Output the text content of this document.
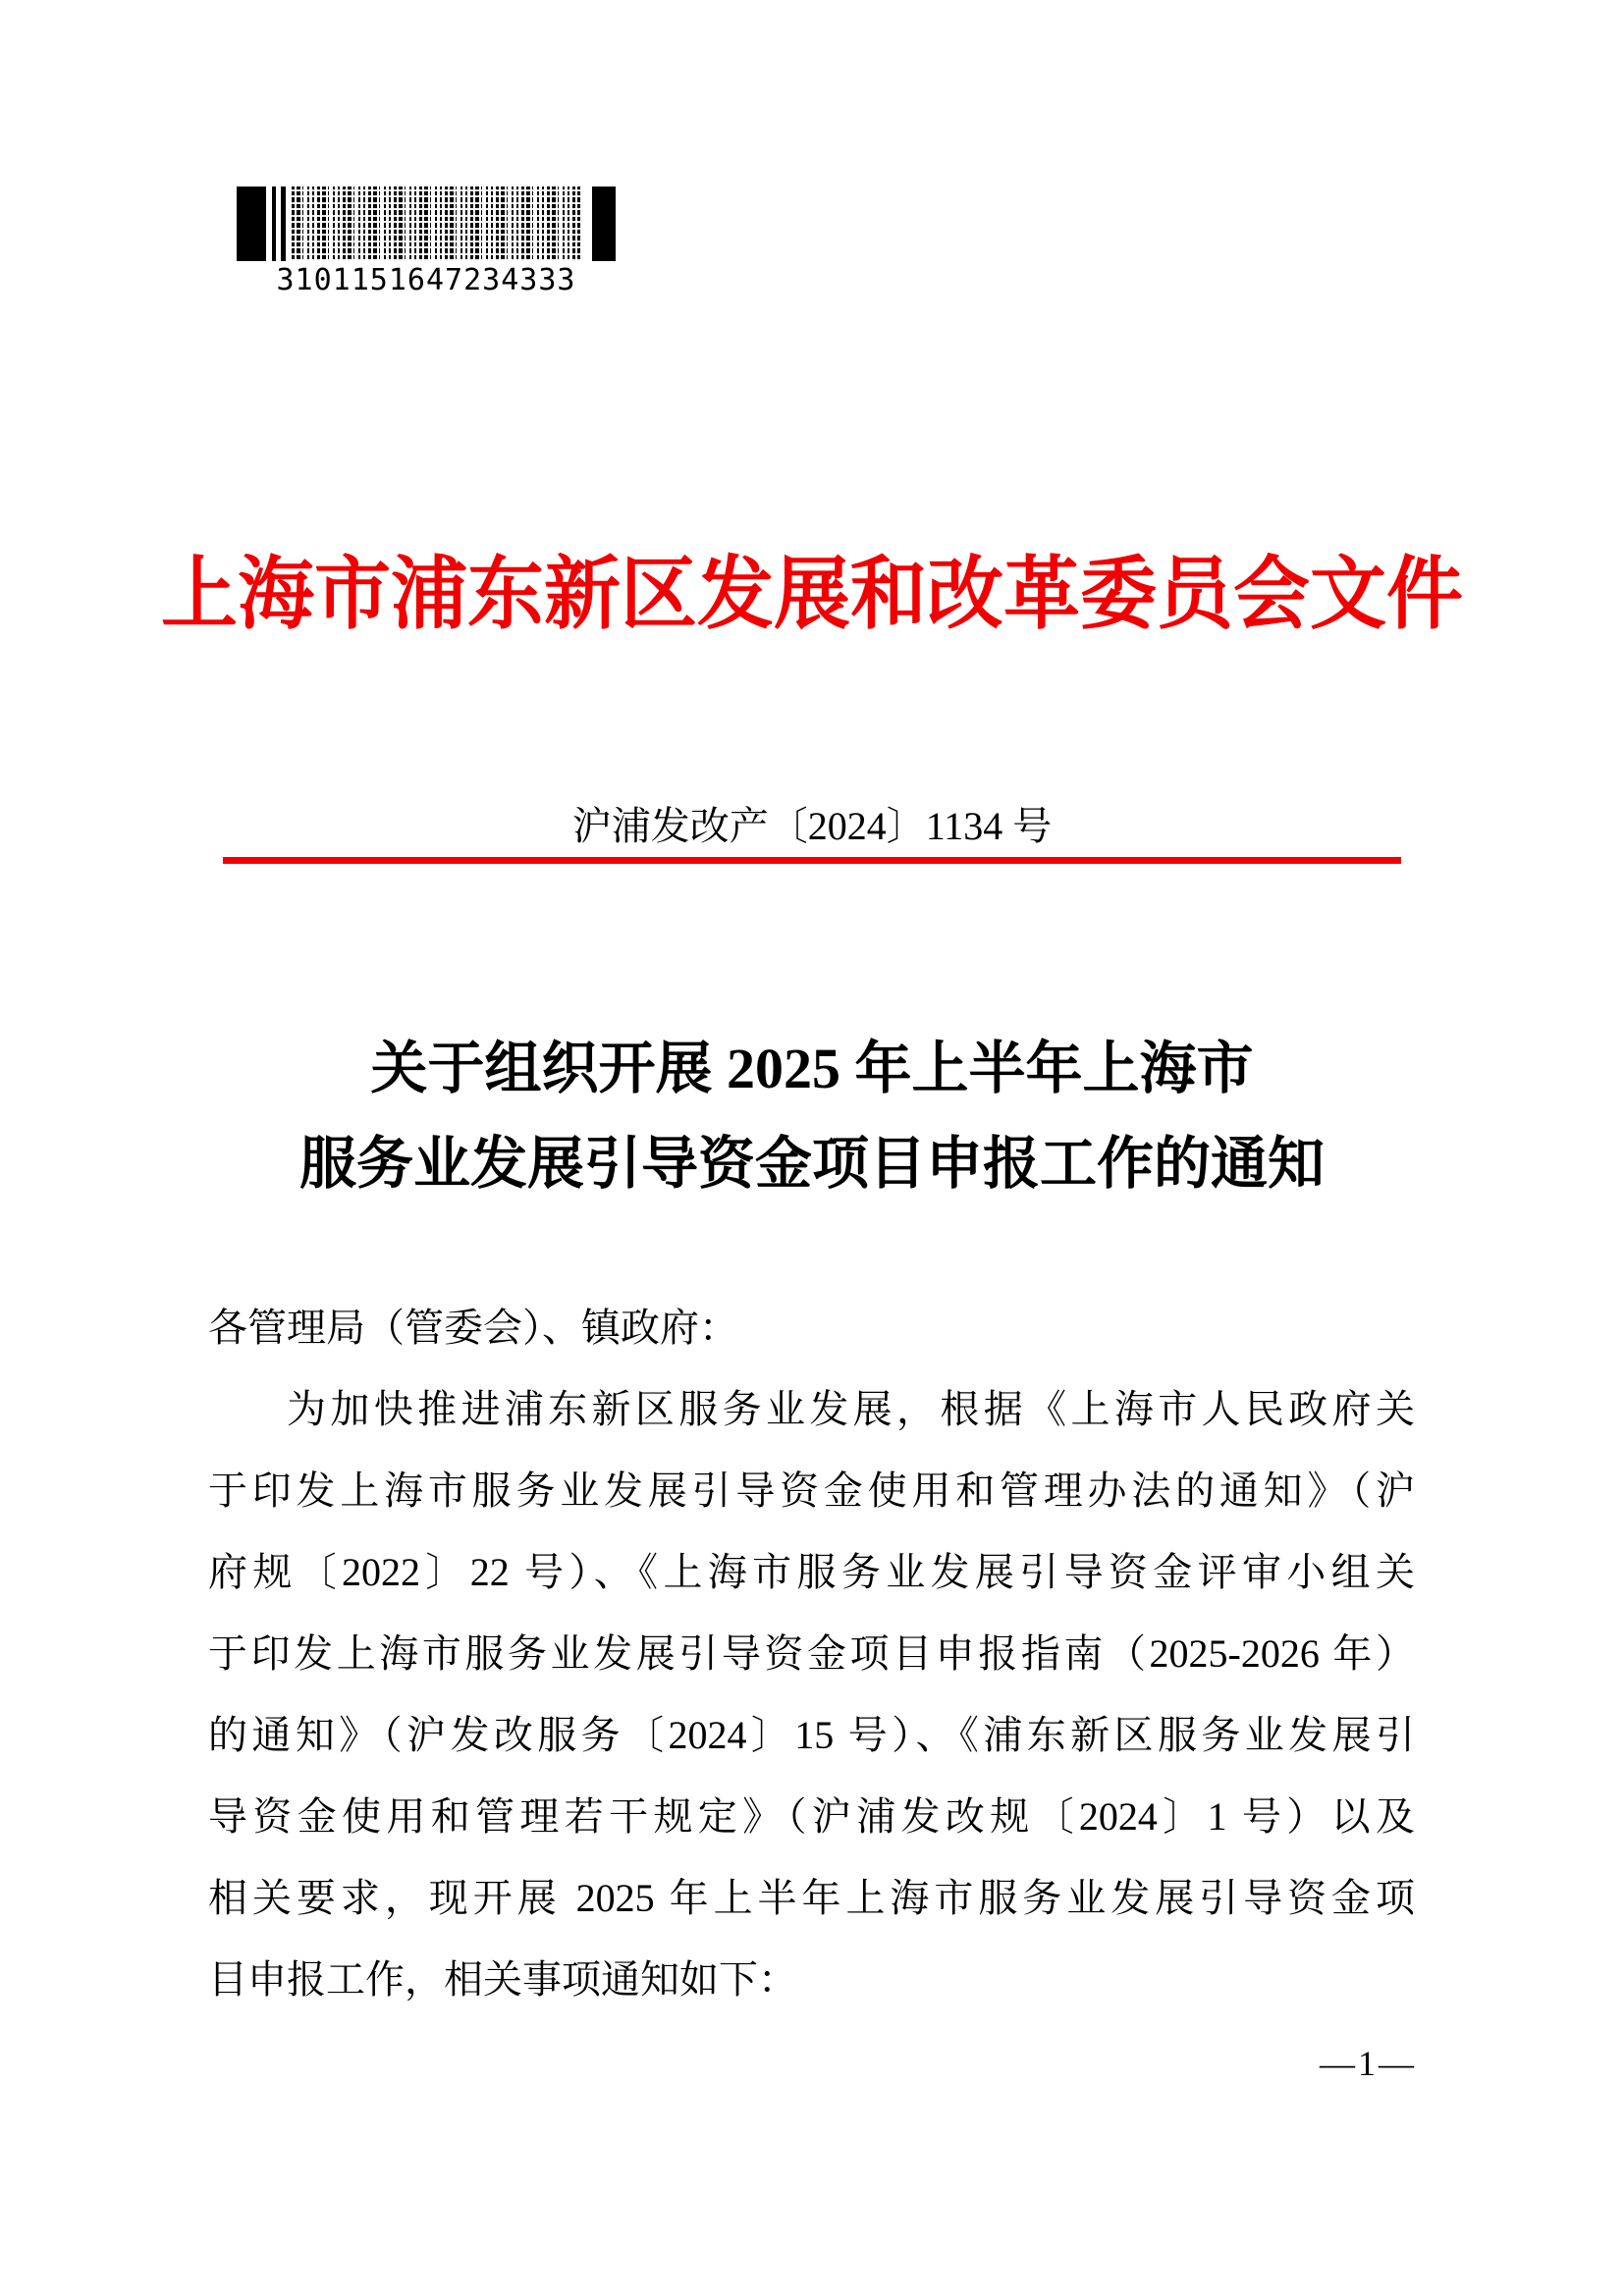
3101151647234333
上海市浦东新区发展和改革委员会文件
沪浦发改产〔2024〕1134 号
关于组织开展 2025 年上半年上海市
服务业发展引导资金项目申报工作的通知
各管理局（管委会）、镇政府：
为加快推进浦东新区服务业发展，根据《上海市人民政府关
于印发上海市服务业发展引导资金使用和管理办法的通知》（沪
府规〔2022〕22 号）、《上海市服务业发展引导资金评审小组关
于印发上海市服务业发展引导资金项目申报指南（2025-2026 年）
的通知》（沪发改服务〔2024〕15 号）、《浦东新区服务业发展引
导资金使用和管理若干规定》（沪浦发改规〔2024〕1 号）以及
相关要求，现开展 2025 年上半年上海市服务业发展引导资金项
目申报工作，相关事项通知如下：
—1—
